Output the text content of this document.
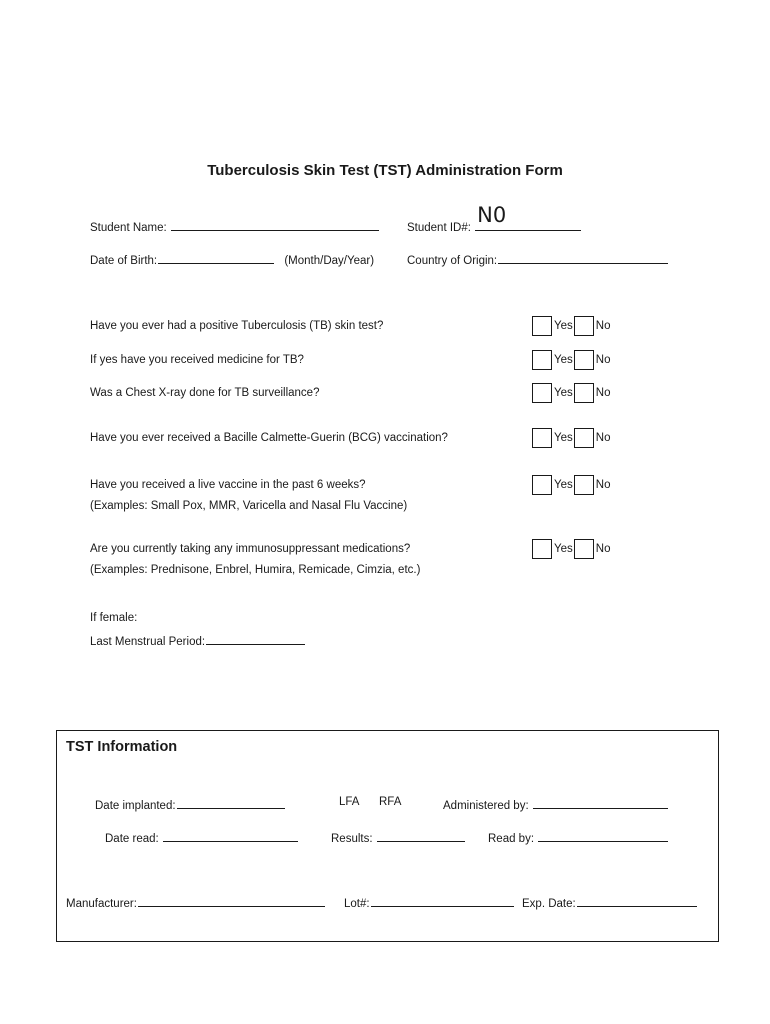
Tuberculosis Skin Test (TST) Administration Form
Student Name:	Student ID#:
N0
Date of Birth:	(Month/Day/Year)	Country of Origin:
Have you ever had a positive Tuberculosis (TB) skin test?	Yes No
If yes have you received medicine for TB?	Yes No
Was a Chest X-ray done for TB surveillance?	Yes No
Have you ever received a Bacille Calmette-Guerin (BCG) vaccination?	Yes No
Have you received a live vaccine in the past 6 weeks?
(Examples: Small Pox, MMR, Varicella and Nasal Flu Vaccine)
Yes No
Are you currently taking any immunosuppressant medications?
(Examples: Prednisone, Enbrel, Humira, Remicade, Cimzia, etc.)
Yes No
If female:
Last Menstrual Period:
TST Information
Date implanted:	LFA RFA	Administered by:
Date read:	Results:	Read by:
Manufacturer:	Lot#:	Exp. Date:
